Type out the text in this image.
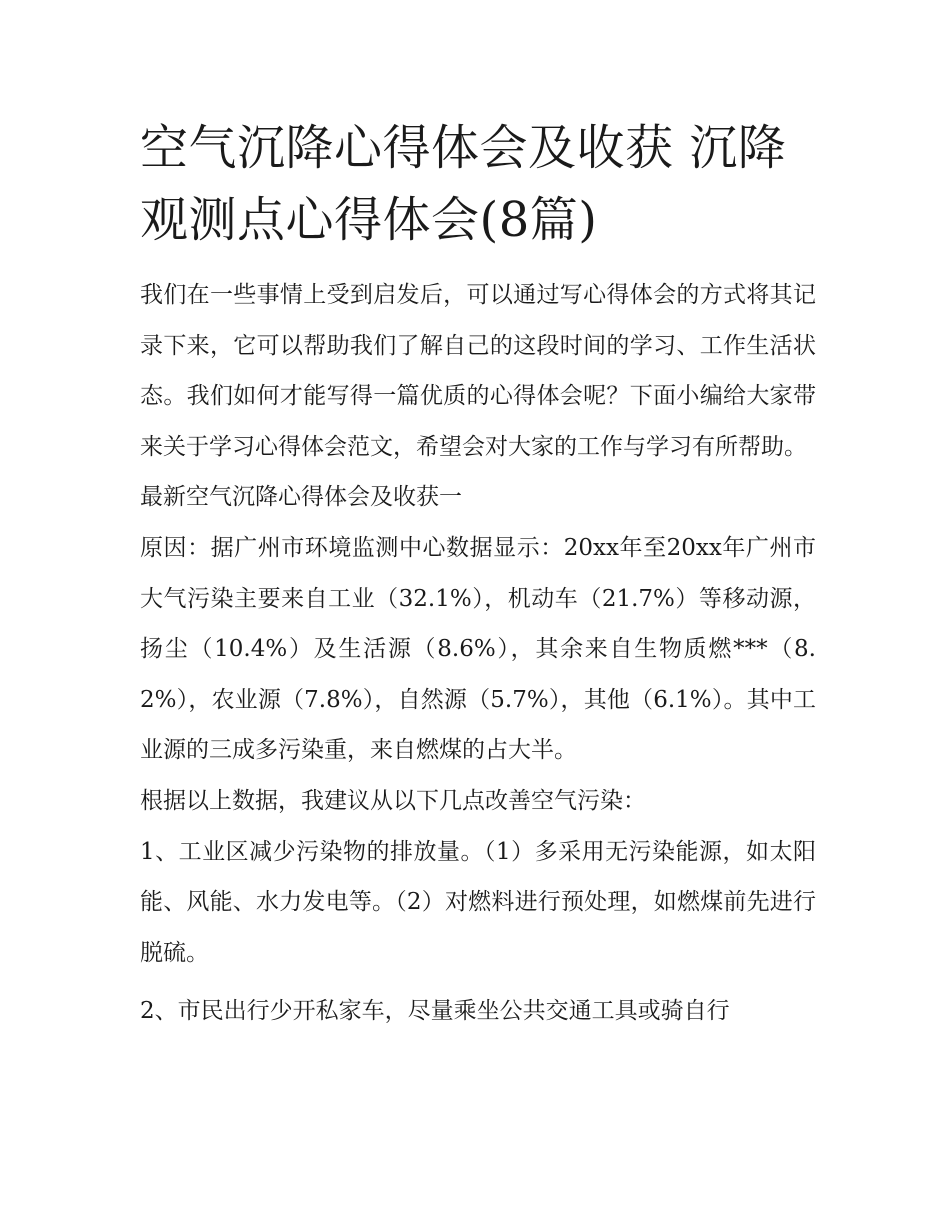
空气沉降心得体会及收获 沉降观测点心得体会(8篇)

我们在一些事情上受到启发后，可以通过写心得体会的方式将其记录下来，它可以帮助我们了解自己的这段时间的学习、工作生活状态。我们如何才能写得一篇优质的心得体会呢？下面小编给大家带来关于学习心得体会范文，希望会对大家的工作与学习有所帮助。

最新空气沉降心得体会及收获一

原因：据广州市环境监测中心数据显示：20xx年至20xx年广州市大气污染主要来自工业（32.1%），机动车（21.7%）等移动源，扬尘（10.4%）及生活源（8.6%），其余来自生物质燃***（8.2%），农业源（7.8%），自然源（5.7%），其他（6.1%）。其中工业源的三成多污染重，来自燃煤的占大半。

根据以上数据，我建议从以下几点改善空气污染：

1、工业区减少污染物的排放量。（1）多采用无污染能源，如太阳能、风能、水力发电等。（2）对燃料进行预处理，如燃煤前先进行脱硫。

2、市民出行少开私家车，尽量乘坐公共交通工具或骑自行
